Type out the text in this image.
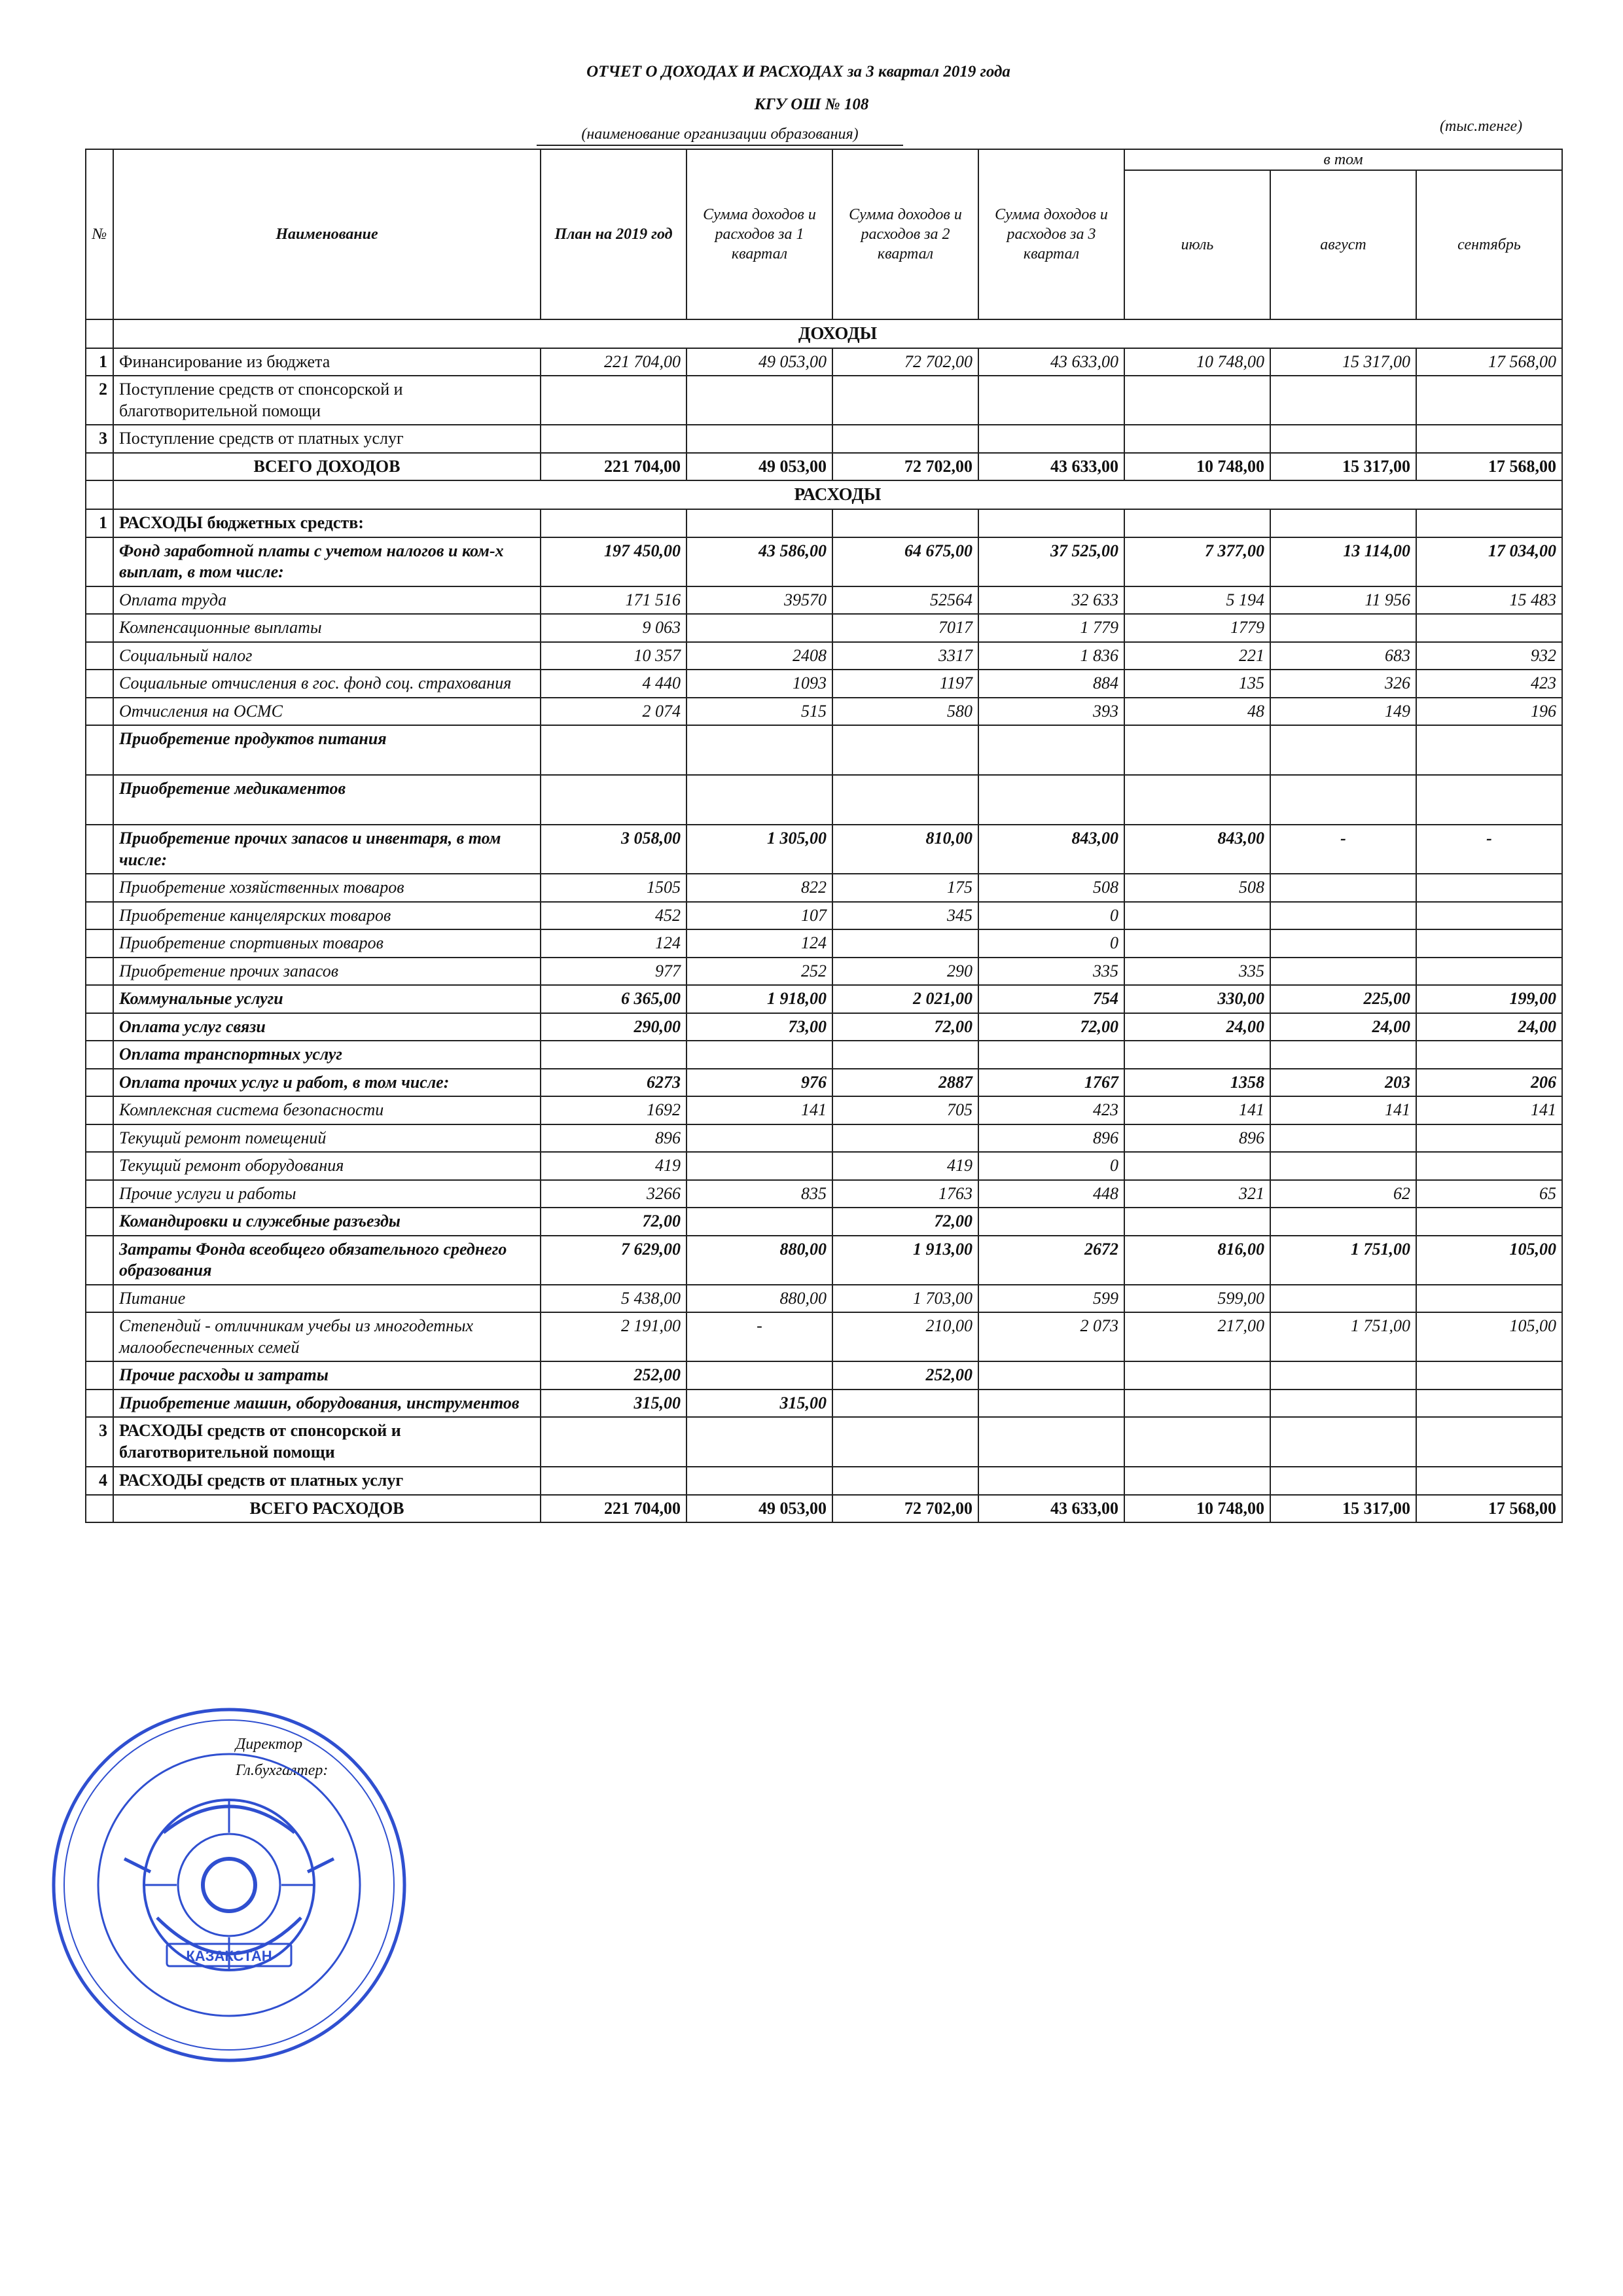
ОТЧЕТ О ДОХОДАХ И РАСХОДАХ за 3 квартал 2019 года
КГУ ОШ № 108
(наименование организации образования)	(тыс.тенге)
№	Наименование	План на 2019 год	Сумма доходов и расходов за 1 квартал	Сумма доходов и расходов за 2 квартал	Сумма доходов и расходов за 3 квартал	в том		
						июль	август	сентябрь
	ДОХОДЫ							
1	Финансирование из бюджета	221 704,00	49 053,00	72 702,00	43 633,00	10 748,00	15 317,00	17 568,00
2	Поступление средств от спонсорской и благотворительной помощи							
3	Поступление средств от платных услуг							
	ВСЕГО ДОХОДОВ	221 704,00	49 053,00	72 702,00	43 633,00	10 748,00	15 317,00	17 568,00
	РАСХОДЫ							
1	РАСХОДЫ бюджетных средств:							
	Фонд заработной платы с учетом налогов и ком-х выплат, в том числе:	197 450,00	43 586,00	64 675,00	37 525,00	7 377,00	13 114,00	17 034,00
	Оплата труда	171 516	39570	52564	32 633	5 194	11 956	15 483
	Компенсационные выплаты	9 063		7017	1 779	1779		
	Социальный налог	10 357	2408	3317	1 836	221	683	932
	Социальные отчисления в гос. фонд соц. страхования	4 440	1093	1197	884	135	326	423
	Отчисления на ОСМС	2 074	515	580	393	48	149	196
	Приобретение продуктов питания							
	Приобретение медикаментов							
	Приобретение прочих запасов и инвентаря, в том числе:	3 058,00	1 305,00	810,00	843,00	843,00	-	-
	Приобретение хозяйственных товаров	1505	822	175	508	508		
	Приобретение канцелярских товаров	452	107	345	0			
	Приобретение спортивных товаров	124	124		0			
	Приобретение прочих запасов	977	252	290	335	335		
	Коммунальные услуги	6 365,00	1 918,00	2 021,00	754	330,00	225,00	199,00
	Оплата услуг связи	290,00	73,00	72,00	72,00	24,00	24,00	24,00
	Оплата транспортных услуг							
	Оплата прочих услуг и работ, в том числе:	6273	976	2887	1767	1358	203	206
	Комплексная система безопасности	1692	141	705	423	141	141	141
	Текущий ремонт помещений	896			896	896		
	Текущий ремонт оборудования	419		419	0			
	Прочие услуги и работы	3266	835	1763	448	321	62	65
	Командировки и служебные разъезды	72,00		72,00				
	Затраты Фонда всеобщего обязательного среднего образования	7 629,00	880,00	1 913,00	2672	816,00	1 751,00	105,00
	Питание	5 438,00	880,00	1 703,00	599	599,00		
	Степендий - отличникам учебы из многодетных малообеспеченных семей	2 191,00	-	210,00	2 073	217,00	1 751,00	105,00
	Прочие расходы и затраты	252,00		252,00				
	Приобретение машин, оборудования, инструментов	315,00	315,00					
3	РАСХОДЫ средств от спонсорской и благотворительной помощи							
4	РАСХОДЫ средств от платных услуг							
	ВСЕГО РАСХОДОВ	221 704,00	49 053,00	72 702,00	43 633,00	10 748,00	15 317,00	17 568,00
Директор
Гл.бухгалтер:
КАЗАКСТАН
